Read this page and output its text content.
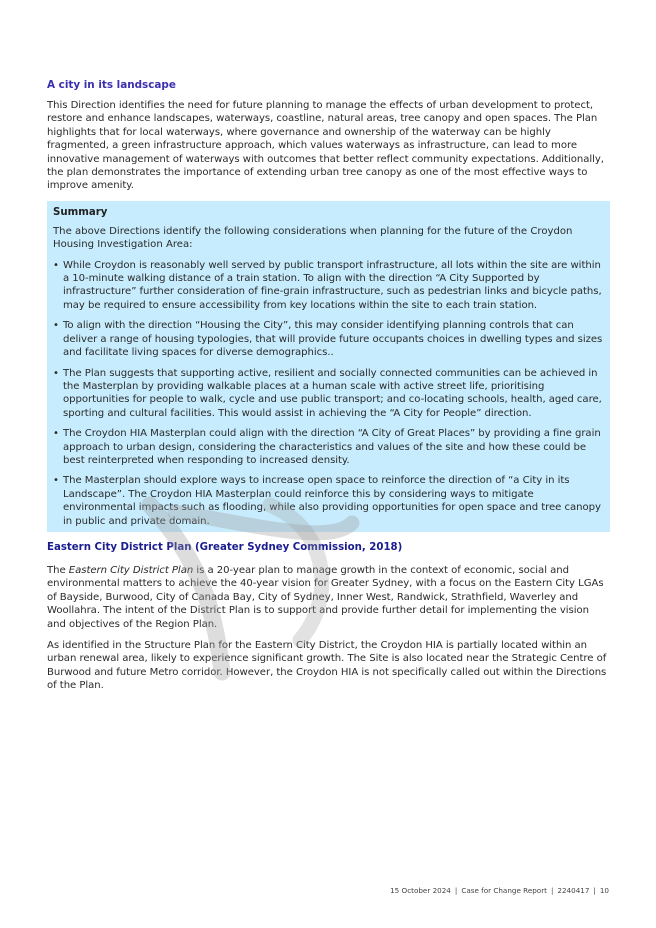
A city in its landscape

This Direction identifies the need for future planning to manage the effects of urban development to protect, restore and enhance landscapes, waterways, coastline, natural areas, tree canopy and open spaces. The Plan highlights that for local waterways, where governance and ownership of the waterway can be highly fragmented, a green infrastructure approach, which values waterways as infrastructure, can lead to more innovative management of waterways with outcomes that better reflect community expectations. Additionally, the plan demonstrates the importance of extending urban tree canopy as one of the most effective ways to improve amenity.

Summary

The above Directions identify the following considerations when planning for the future of the Croydon Housing Investigation Area:

• While Croydon is reasonably well served by public transport infrastructure, all lots within the site are within a 10-minute walking distance of a train station. To align with the direction “A City Supported by infrastructure” further consideration of fine-grain infrastructure, such as pedestrian links and bicycle paths, may be required to ensure accessibility from key locations within the site to each train station.
• To align with the direction “Housing the City”, this may consider identifying planning controls that can deliver a range of housing typologies, that will provide future occupants choices in dwelling types and sizes and facilitate living spaces for diverse demographics..
• The Plan suggests that supporting active, resilient and socially connected communities can be achieved in the Masterplan by providing walkable places at a human scale with active street life, prioritising opportunities for people to walk, cycle and use public transport; and co-locating schools, health, aged care, sporting and cultural facilities. This would assist in achieving the “A City for People” direction.
• The Croydon HIA Masterplan could align with the direction “A City of Great Places” by providing a fine grain approach to urban design, considering the characteristics and values of the site and how these could be best reinterpreted when responding to increased density.
• The Masterplan should explore ways to increase open space to reinforce the direction of “a City in its Landscape”. The Croydon HIA Masterplan could reinforce this by considering ways to mitigate environmental impacts such as flooding, while also providing opportunities for open space and tree canopy in public and private domain.
Eastern City District Plan (Greater Sydney Commission, 2018)

The Eastern City District Plan is a 20-year plan to manage growth in the context of economic, social and environmental matters to achieve the 40-year vision for Greater Sydney, with a focus on the Eastern City LGAs of Bayside, Burwood, City of Canada Bay, City of Sydney, Inner West, Randwick, Strathfield, Waverley and Woollahra. The intent of the District Plan is to support and provide further detail for implementing the vision and objectives of the Region Plan.

As identified in the Structure Plan for the Eastern City District, the Croydon HIA is partially located within an urban renewal area, likely to experience significant growth. The Site is also located near the Strategic Centre of Burwood and future Metro corridor. However, the Croydon HIA is not specifically called out within the Directions of the Plan.

15 October 2024 | Case for Change Report | 2240417 | 10
